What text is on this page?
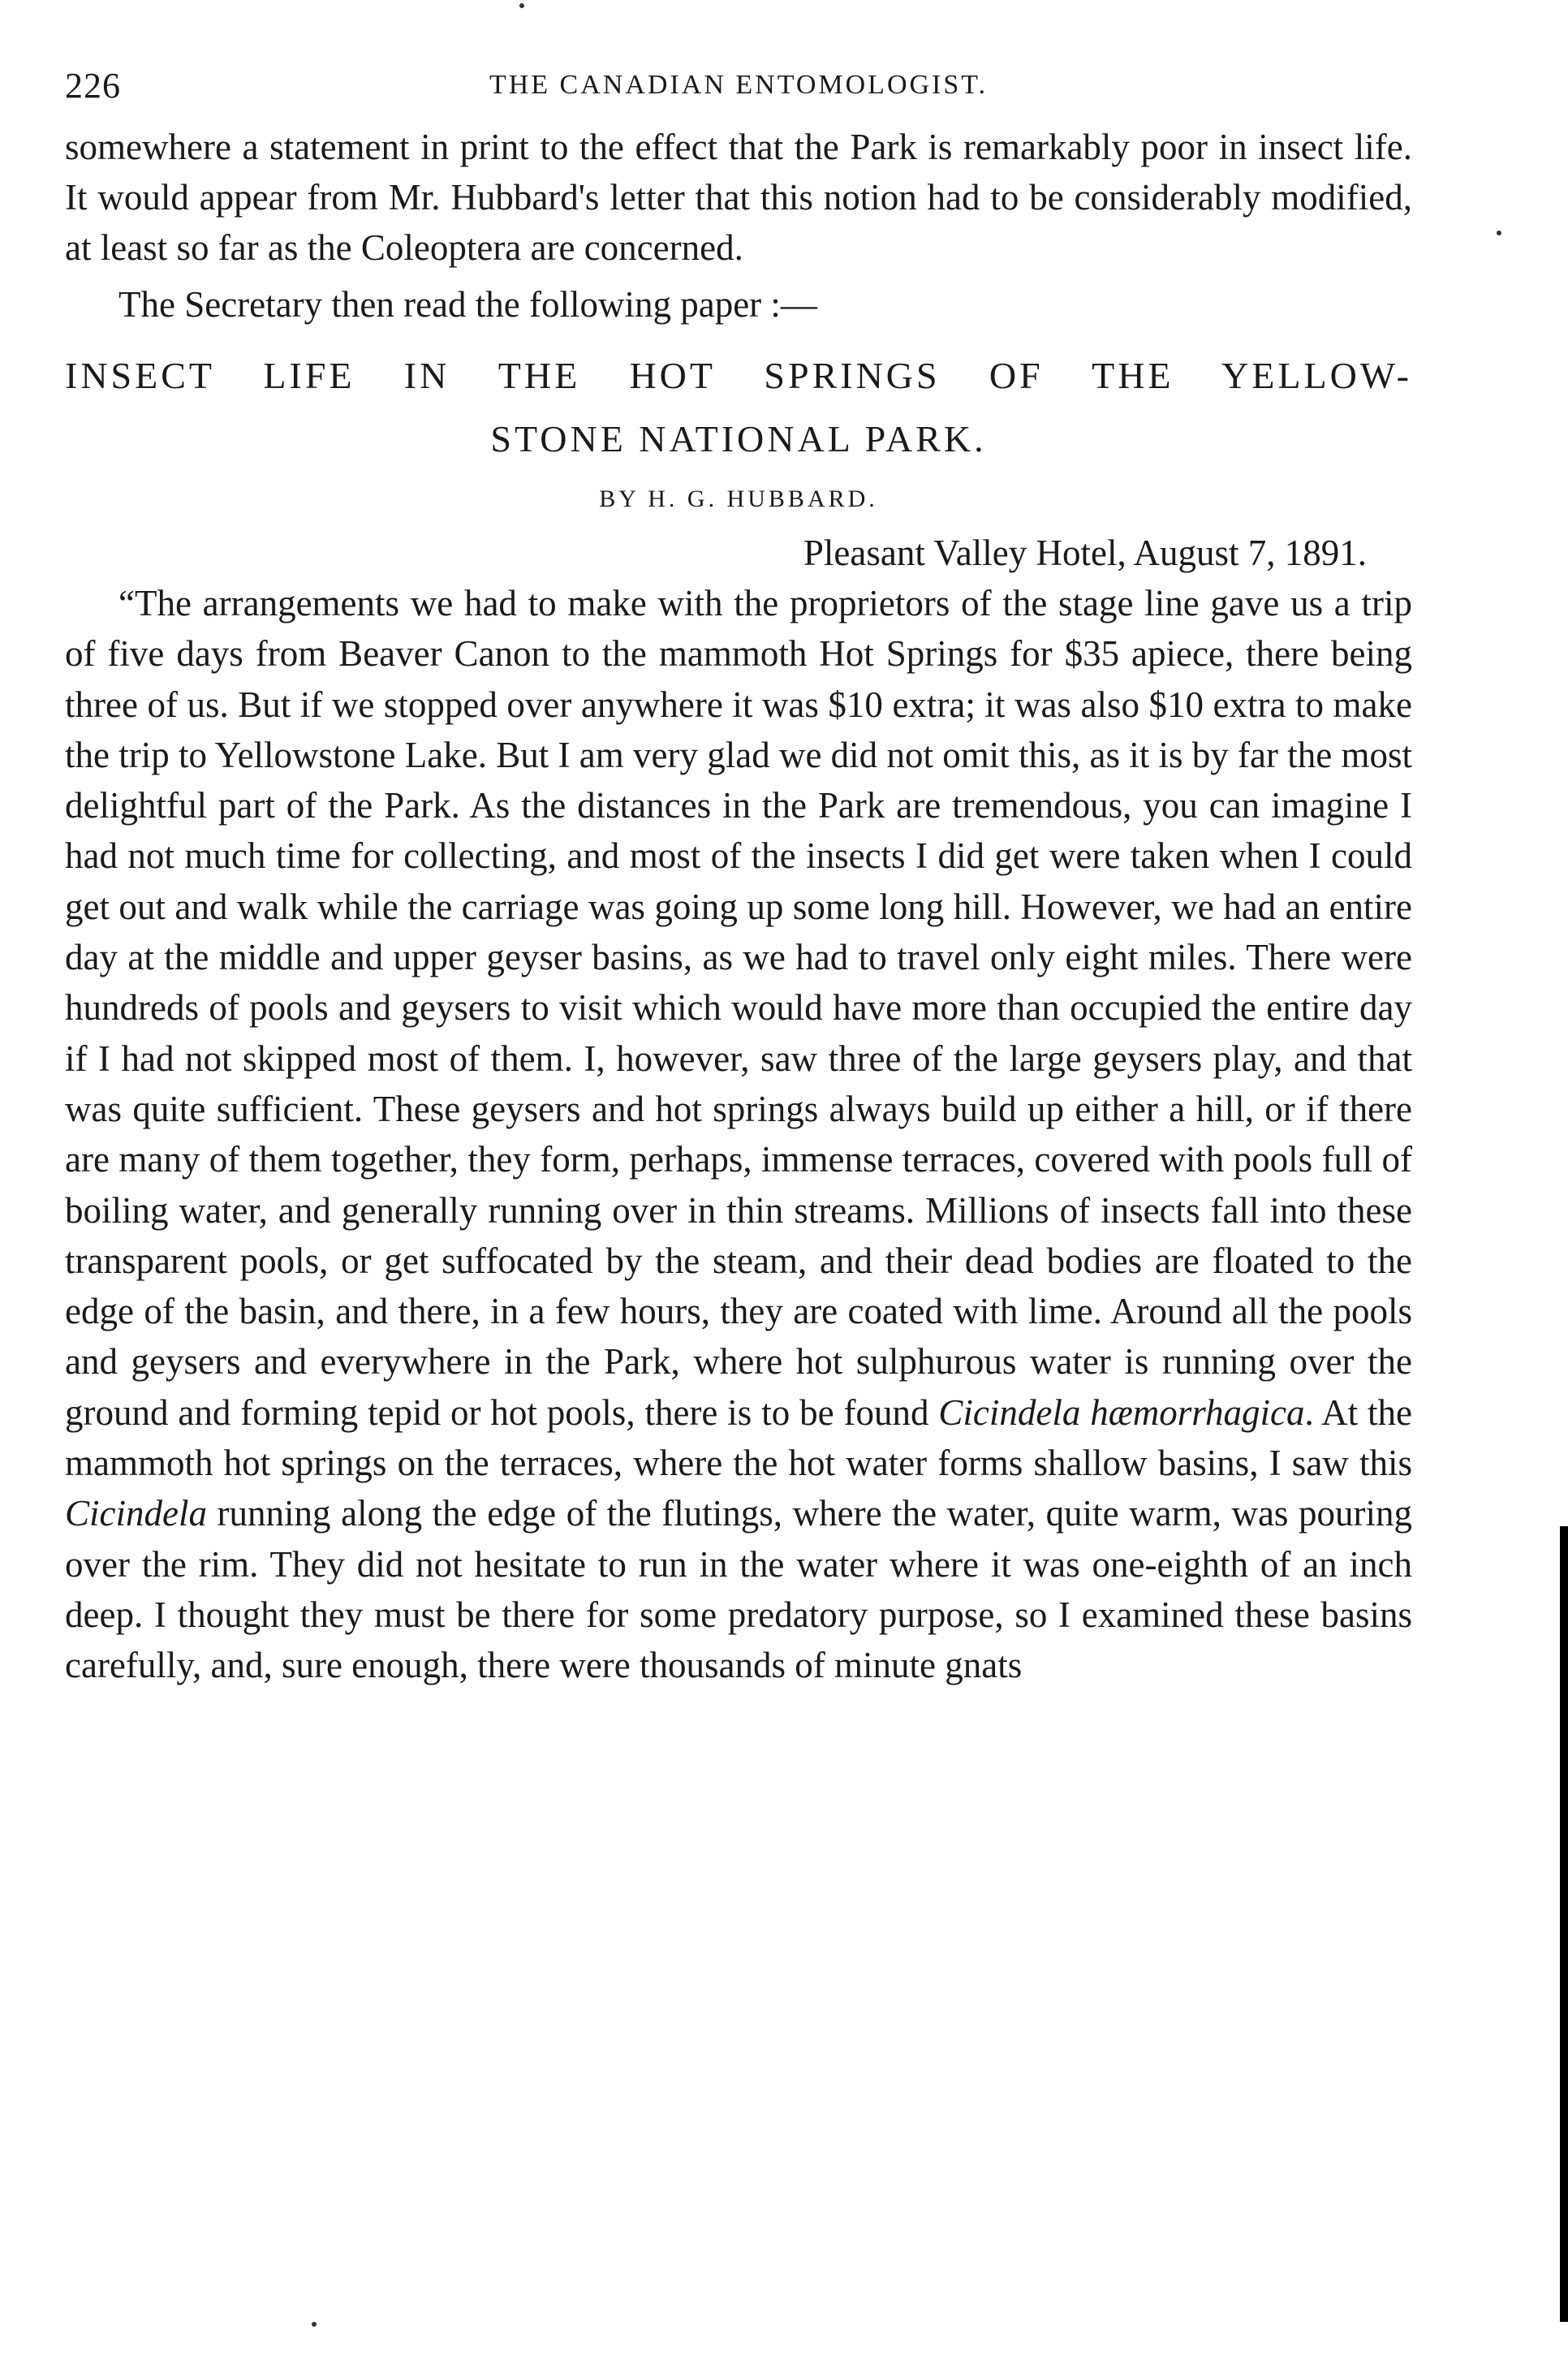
226	THE CANADIAN ENTOMOLOGIST.

somewhere a statement in print to the effect that the Park is remarkably poor in insect life. It would appear from Mr. Hubbard's letter that this notion had to be considerably modified, at least so far as the Coleoptera are concerned.

The Secretary then read the following paper :—

INSECT LIFE IN THE HOT SPRINGS OF THE YELLOW-
STONE NATIONAL PARK.
BY H. G. HUBBARD.
Pleasant Valley Hotel, August 7, 1891.

“The arrangements we had to make with the proprietors of the stage line gave us a trip of five days from Beaver Canon to the mammoth Hot Springs for $35 apiece, there being three of us. But if we stopped over anywhere it was $10 extra; it was also $10 extra to make the trip to Yellowstone Lake. But I am very glad we did not omit this, as it is by far the most delightful part of the Park. As the distances in the Park are tremendous, you can imagine I had not much time for collecting, and most of the insects I did get were taken when I could get out and walk while the carriage was going up some long hill. However, we had an entire day at the middle and upper geyser basins, as we had to travel only eight miles. There were hundreds of pools and geysers to visit which would have more than occupied the entire day if I had not skipped most of them. I, however, saw three of the large geysers play, and that was quite sufficient. These geysers and hot springs always build up either a hill, or if there are many of them together, they form, perhaps, immense terraces, covered with pools full of boiling water, and generally running over in thin streams. Millions of insects fall into these transparent pools, or get suffocated by the steam, and their dead bodies are floated to the edge of the basin, and there, in a few hours, they are coated with lime. Around all the pools and geysers and everywhere in the Park, where hot sulphurous water is running over the ground and forming tepid or hot pools, there is to be found Cicindela hæmorrhagica. At the mammoth hot springs on the terraces, where the hot water forms shallow basins, I saw this Cicindela running along the edge of the flutings, where the water, quite warm, was pouring over the rim. They did not hesitate to run in the water where it was one-eighth of an inch deep. I thought they must be there for some predatory purpose, so I examined these basins carefully, and, sure enough, there were thousands of minute gnats
